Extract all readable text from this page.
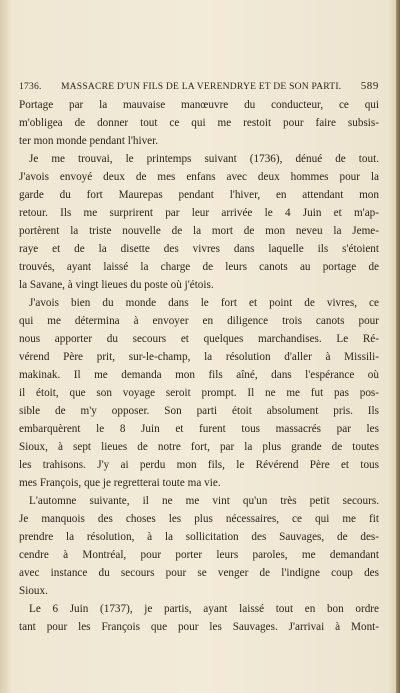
1736. MASSACRE D'UN FILS DE LA VERENDRYE ET DE SON PARTI. 589
Portage par la mauvaise manœuvre du conducteur, ce qui
m'obligea de donner tout ce qui me restoit pour faire subsis-
ter mon monde pendant l'hiver.
Je me trouvai, le printemps suivant (1736), dénué de tout.
J'avois envoyé deux de mes enfans avec deux hommes pour la
garde du fort Maurepas pendant l'hiver, en attendant mon
retour. Ils me surprirent par leur arrivée le 4 Juin et m'ap-
portèrent la triste nouvelle de la mort de mon neveu la Jeme-
raye et de la disette des vivres dans laquelle ils s'étoient
trouvés, ayant laissé la charge de leurs canots au portage de
la Savane, à vingt lieues du poste où j'étois.
J'avois bien du monde dans le fort et point de vivres, ce
qui me détermina à envoyer en diligence trois canots pour
nous apporter du secours et quelques marchandises. Le Ré-
vérend Père prit, sur-le-champ, la résolution d'aller à Missili-
makinak. Il me demanda mon fils aîné, dans l'espérance où
il étoit, que son voyage seroit prompt. Il ne me fut pas pos-
sible de m'y opposer. Son parti étoit absolument pris. Ils
embarquèrent le 8 Juin et furent tous massacrés par les
Sioux, à sept lieues de notre fort, par la plus grande de toutes
les trahisons. J'y ai perdu mon fils, le Révérend Père et tous
mes François, que je regretterai toute ma vie.
L'automne suivante, il ne me vint qu'un très petit secours.
Je manquois des choses les plus nécessaires, ce qui me fit
prendre la résolution, à la sollicitation des Sauvages, de des-
cendre à Montréal, pour porter leurs paroles, me demandant
avec instance du secours pour se venger de l'indigne coup des
Sioux.
Le 6 Juin (1737), je partis, ayant laissé tout en bon ordre
tant pour les François que pour les Sauvages. J'arrivai à Mont-
